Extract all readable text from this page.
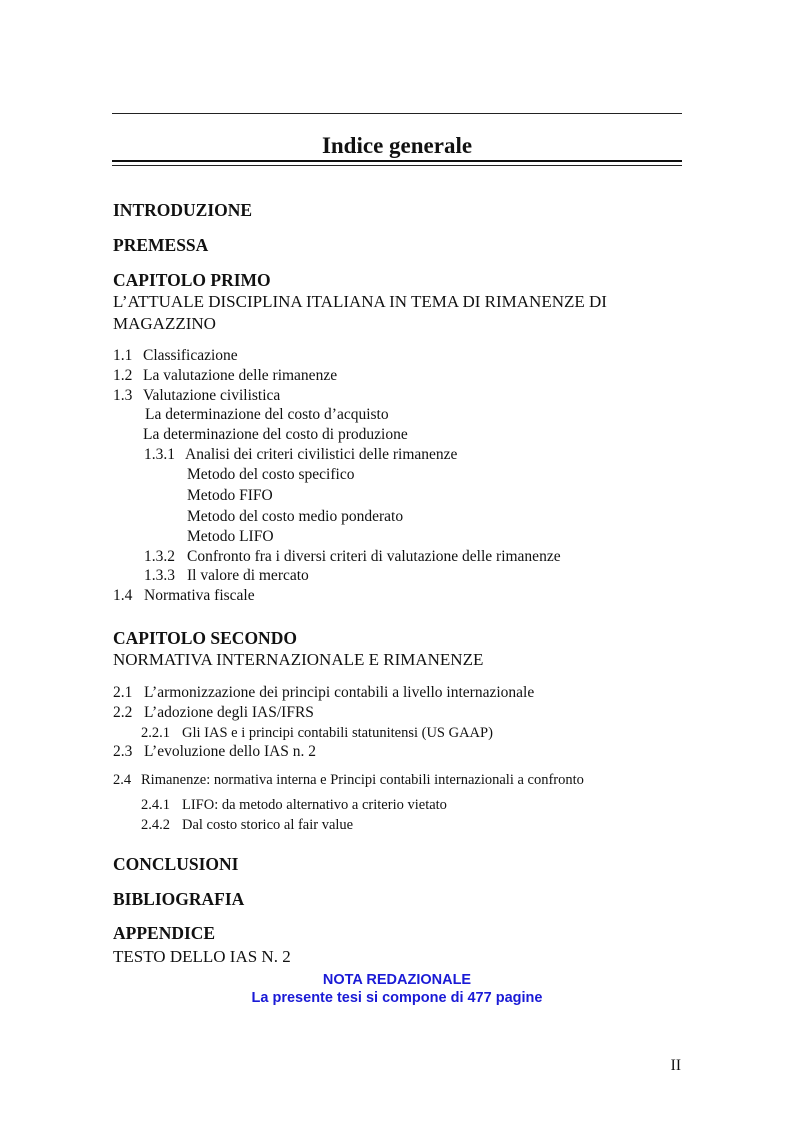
Indice generale
INTRODUZIONE
PREMESSA
CAPITOLO PRIMO
L’ATTUALE DISCIPLINA ITALIANA IN TEMA DI RIMANENZE DI
MAGAZZINO
1.1 Classificazione
1.2 La valutazione delle rimanenze
1.3 Valutazione civilistica
La determinazione del costo d’acquisto
La determinazione del costo di produzione
1.3.1 Analisi dei criteri civilistici delle rimanenze
Metodo del costo specifico
Metodo FIFO
Metodo del costo medio ponderato
Metodo LIFO
1.3.2 Confronto fra i diversi criteri di valutazione delle rimanenze
1.3.3 Il valore di mercato
1.4 Normativa fiscale
CAPITOLO SECONDO
NORMATIVA INTERNAZIONALE E RIMANENZE
2.1 L’armonizzazione dei principi contabili a livello internazionale
2.2 L’adozione degli IAS/IFRS
2.2.1 Gli IAS e i principi contabili statunitensi (US GAAP)
2.3 L’evoluzione dello IAS n. 2
2.4 Rimanenze: normativa interna e Principi contabili internazionali a confronto
2.4.1 LIFO: da metodo alternativo a criterio vietato
2.4.2 Dal costo storico al fair value
CONCLUSIONI
BIBLIOGRAFIA
APPENDICE
TESTO DELLO IAS N. 2
NOTA REDAZIONALE
La presente tesi si compone di 477 pagine
II
